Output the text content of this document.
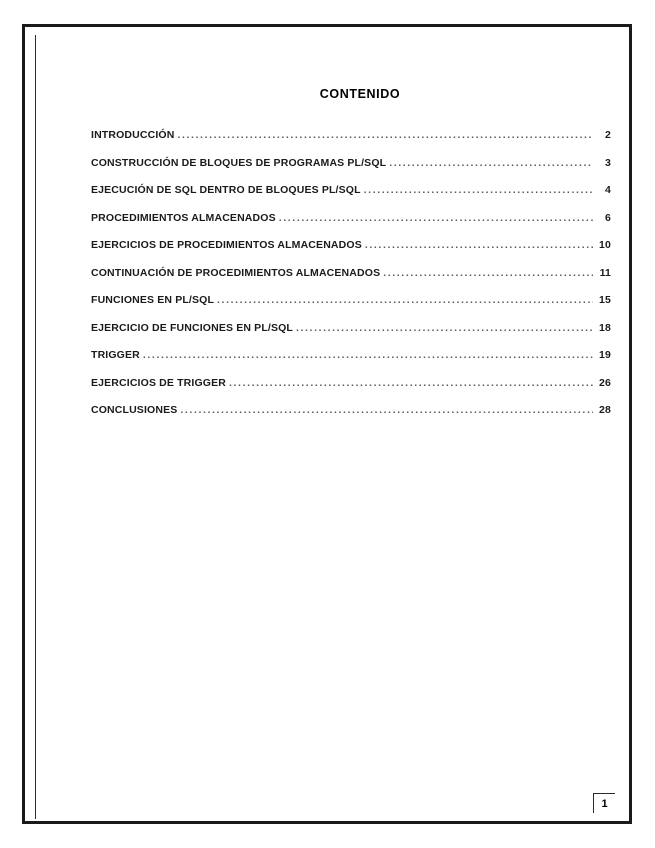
CONTENIDO
INTRODUCCIÓN .....	2
CONSTRUCCIÓN DE BLOQUES DE PROGRAMAS PL/SQL .....	3
EJECUCIÓN DE SQL DENTRO DE BLOQUES PL/SQL .....	4
PROCEDIMIENTOS ALMACENADOS .....	6
EJERCICIOS DE PROCEDIMIENTOS ALMACENADOS .....	10
CONTINUACIÓN DE PROCEDIMIENTOS ALMACENADOS .....	11
FUNCIONES EN PL/SQL .....	15
EJERCICIO DE FUNCIONES EN PL/SQL .....	18
TRIGGER .....	19
EJERCICIOS DE TRIGGER .....	26
CONCLUSIONES .....	28
1
